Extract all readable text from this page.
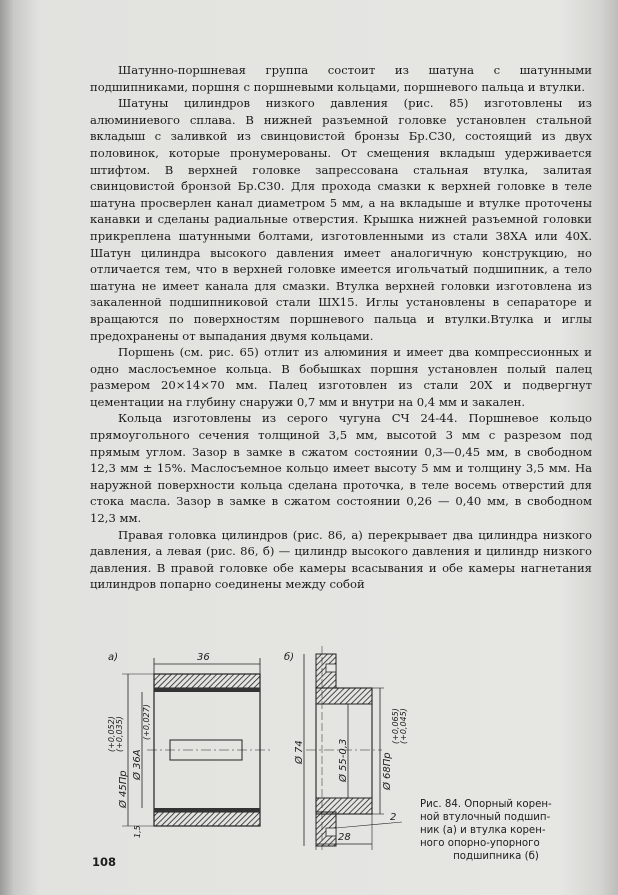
Шатунно-поршневая группа состоит из шатуна с шатунными подшипниками, поршня с поршневыми кольцами, поршневого пальца и втулки.

Шатуны цилиндров низкого давления (рис. 85) изготовлены из алюминиевого сплава. В нижней разъемной головке установлен стальной вкладыш с заливкой из свинцовистой бронзы Бр.С30, состоящий из двух половинок, которые пронумерованы. От смещения вкладыш удерживается штифтом. В верхней головке запрессована стальная втулка, залитая свинцовистой бронзой Бр.С30. Для прохода смазки к верхней головке в теле шатуна просверлен канал диаметром 5 мм, а на вкладыше и втулке проточены канавки и сделаны радиальные отверстия. Крышка нижней разъемной головки прикреплена шатунными болтами, изготовленными из стали 38ХА или 40Х. Шатун цилиндра высокого давления имеет аналогичную конструкцию, но отличается тем, что в верхней головке имеется игольчатый подшипник, а тело шатуна не имеет канала для смазки. Втулка верхней головки изготовлена из закаленной подшипниковой стали ШХ15. Иглы установлены в сепараторе и вращаются по поверхностям поршневого пальца и втулки.Втулка и иглы предохранены от выпадания двумя кольцами.

Поршень (см. рис. 65) отлит из алюминия и имеет два компрессионных и одно маслосъемное кольца. В бобышках поршня установлен полый палец размером 20×14×70 мм. Палец изготовлен из стали 20Х и подвергнут цементации на глубину снаружи 0,7 мм и внутри на 0,4 мм и закален.

Кольца изготовлены из серого чугуна СЧ 24-44. Поршневое кольцо прямоугольного сечения толщиной 3,5 мм, высотой 3 мм с разрезом под прямым углом. Зазор в замке в сжатом состоянии 0,3—0,45 мм, в свободном 12,3 мм ± 15%. Маслосъемное кольцо имеет высоту 5 мм и толщину 3,5 мм. На наружной поверхности кольца сделана проточка, в теле восемь отверстий для стока масла. Зазор в замке в сжатом состоянии 0,26 — 0,40 мм, в свободном 12,3 мм.

Правая головка цилиндров (рис. 86, а) перекрывает два цилиндра низкого давления, а левая (рис. 86, б) — цилиндр высокого давления и цилиндр низкого давления. В правой головке обе камеры всасывания и обе камеры нагнетания цилиндров попарно соединены между собой

а)	36
Ø 45Пр
(+0,052) (+0,035)
Ø 36A
(+0,027)
1,5
б)
Ø 74	Ø 55-0,3	Ø 68Пр
(+0,065) (+0,045)
28
2
Рис. 84. Опорный корен-
ной втулочный подшип-
ник (а) и втулка корен-
ного опорно-упорного
подшипника (б)
108
